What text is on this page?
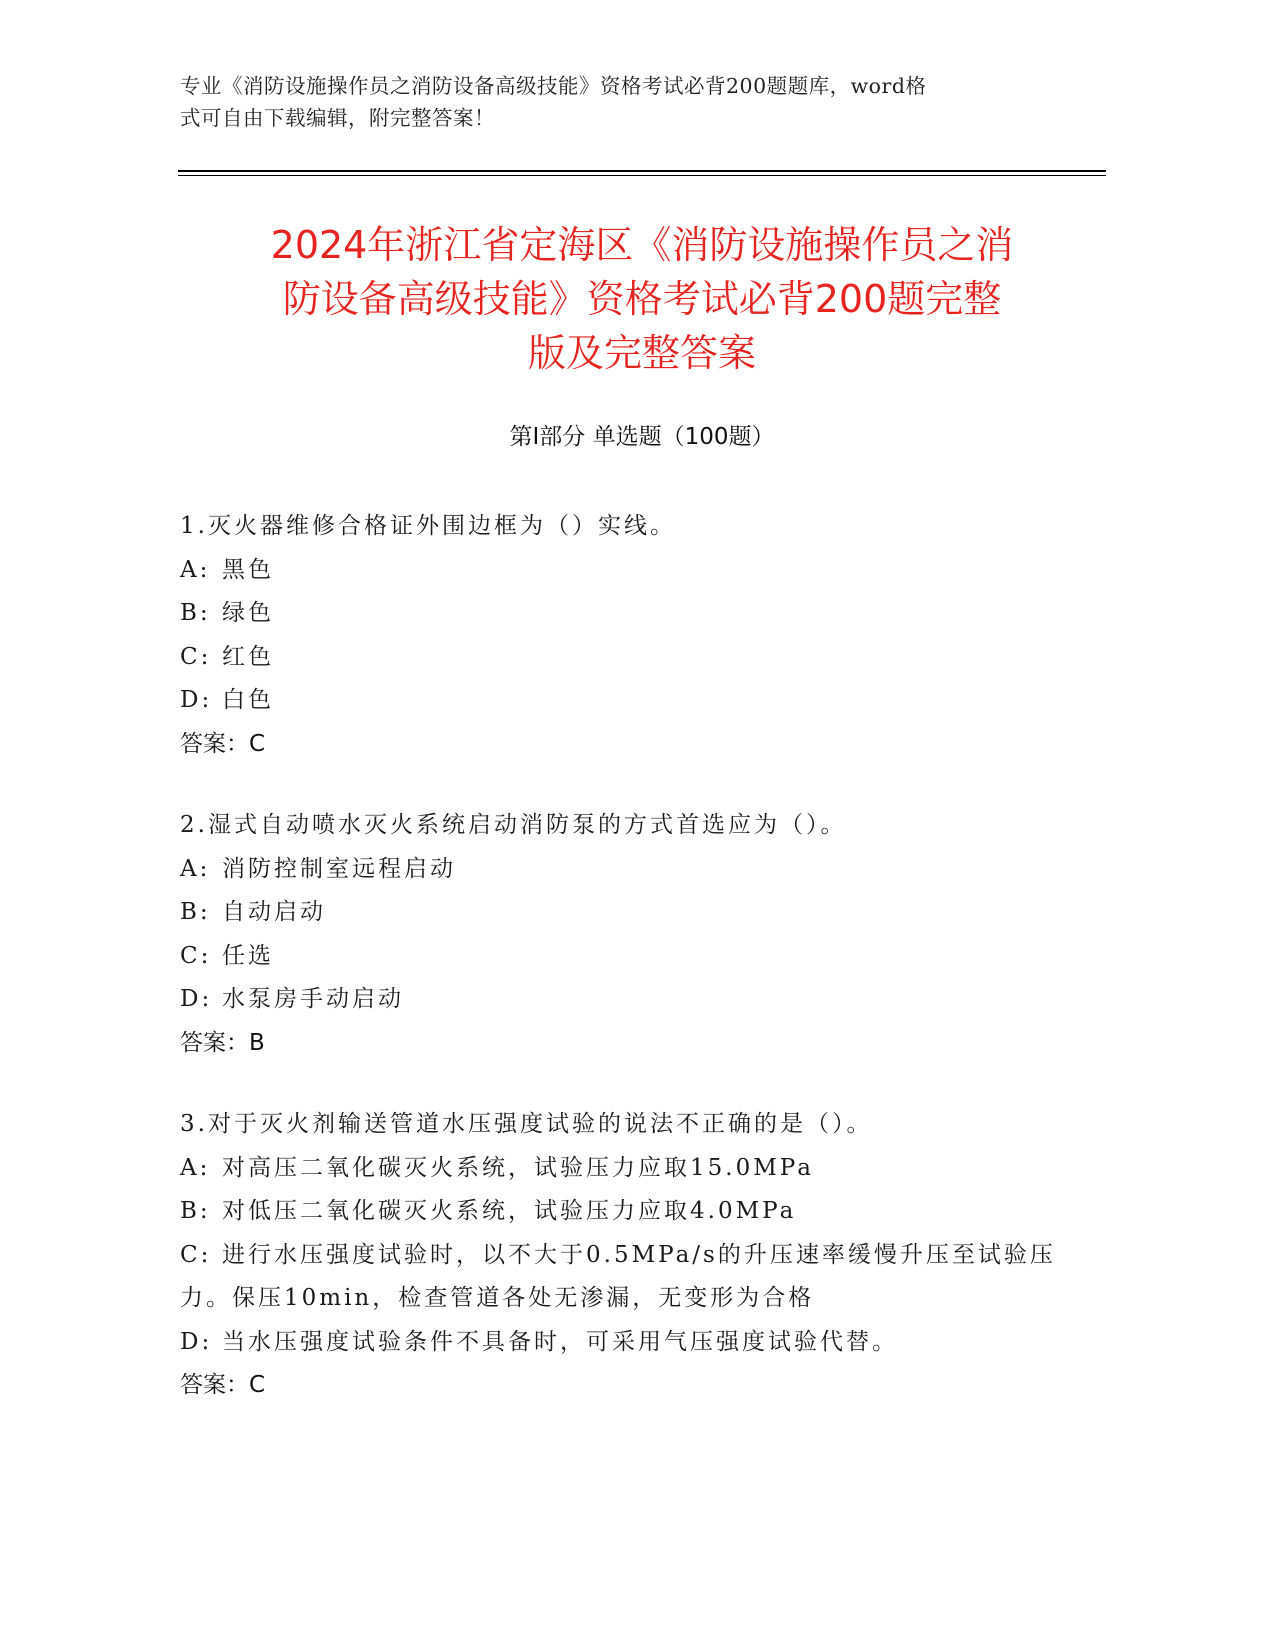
专业《消防设施操作员之消防设备高级技能》资格考试必背200题题库，word格
式可自由下载编辑，附完整答案！
2024年浙江省定海区《消防设施操作员之消
防设备高级技能》资格考试必背200题完整
版及完整答案
第Ⅰ部分 单选题（100题）
1.灭火器维修合格证外围边框为（）实线。
A: 黑色
B: 绿色
C: 红色
D: 白色
答案：C
2.湿式自动喷水灭火系统启动消防泵的方式首选应为（）。
A: 消防控制室远程启动
B: 自动启动
C: 任选
D: 水泵房手动启动
答案：B
3.对于灭火剂输送管道水压强度试验的说法不正确的是（）。
A: 对高压二氧化碳灭火系统，试验压力应取15.0MPa
B: 对低压二氧化碳灭火系统，试验压力应取4.0MPa
C: 进行水压强度试验时，以不大于0.5MPa/s的升压速率缓慢升压至试验压力。保压10min，检查管道各处无渗漏，无变形为合格
D: 当水压强度试验条件不具备时，可采用气压强度试验代替。
答案：C
